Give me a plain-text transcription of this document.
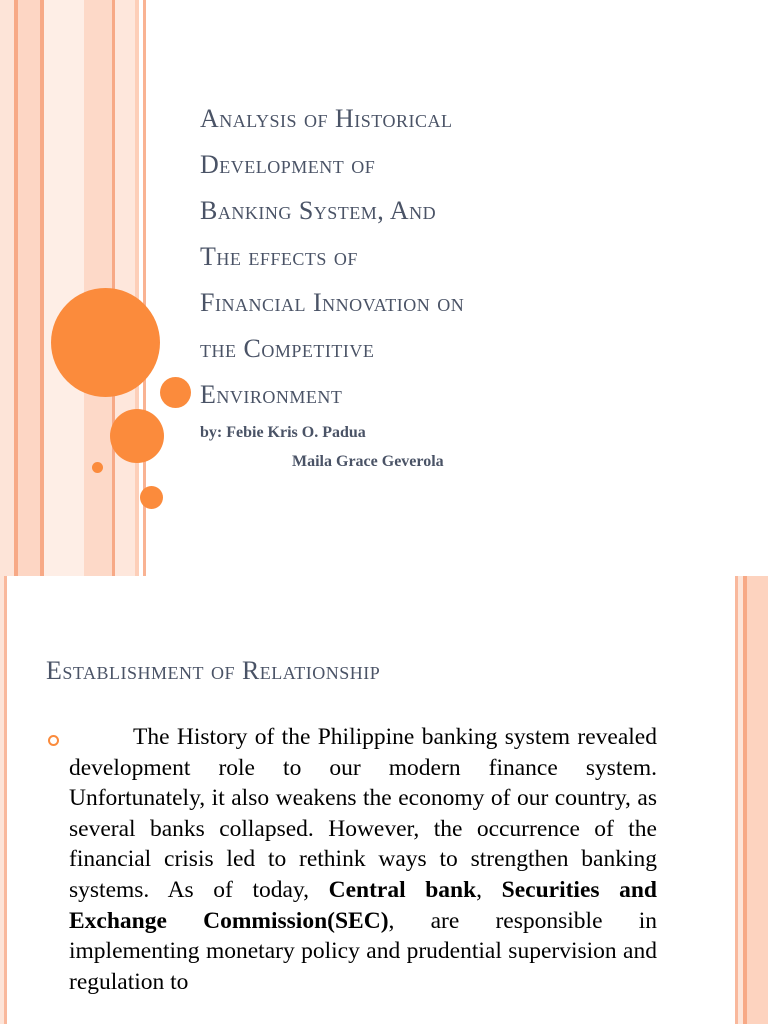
Analysis of Historical
Development of
Banking System, And
The effects of
Financial Innovation on
the Competitive
Environment
by: Febie Kris O. Padua
Maila Grace Geverola
Establishment of Relationship

The History of the Philippine banking system revealed development role to our modern finance system. Unfortunately, it also weakens the economy of our country, as several banks collapsed. However, the occurrence of the financial crisis led to rethink ways to strengthen banking systems. As of today, Central bank, Securities and Exchange Commission(SEC), are responsible in implementing monetary policy and prudential supervision and regulation to
